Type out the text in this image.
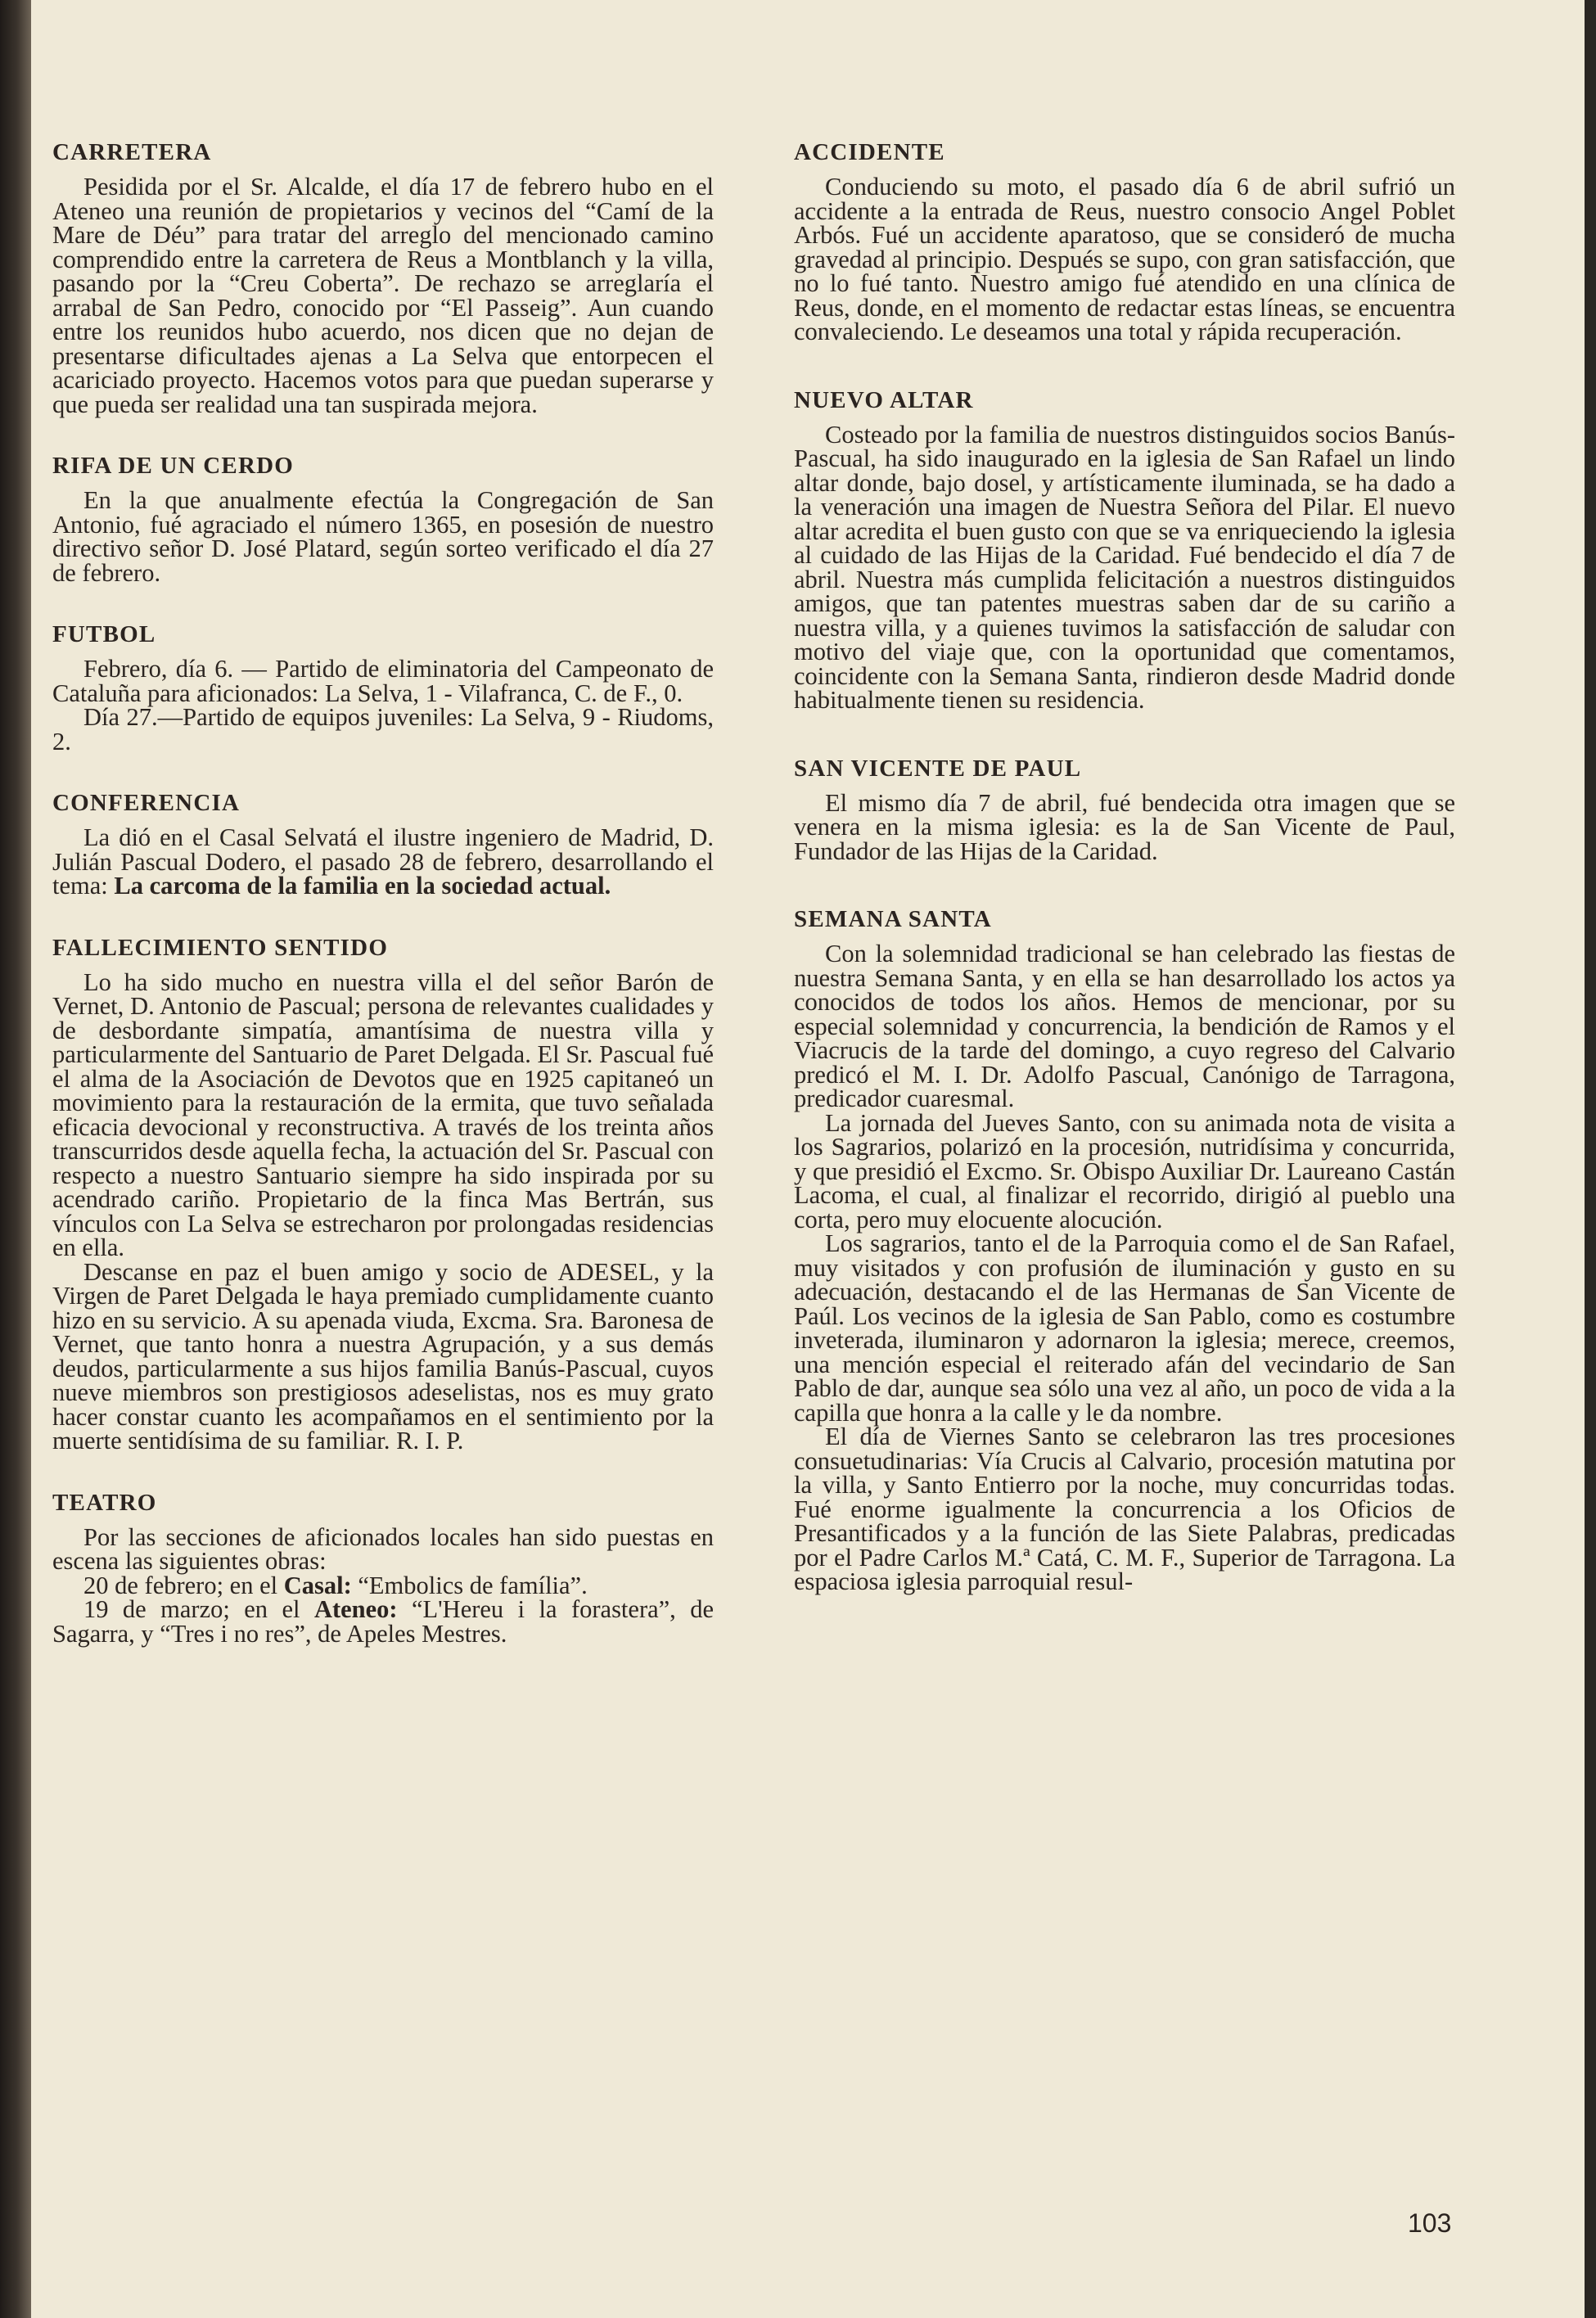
CARRETERA

Pesidida por el Sr. Alcalde, el día 17 de febrero hubo en el Ateneo una reunión de propietarios y vecinos del “Camí de la Mare de Déu” para tratar del arreglo del mencionado camino comprendido entre la carretera de Reus a Montblanch y la villa, pasando por la “Creu Coberta”. De rechazo se arreglaría el arrabal de San Pedro, conocido por “El Passeig”. Aun cuando entre los reunidos hubo acuerdo, nos dicen que no dejan de presentarse dificultades ajenas a La Selva que entorpecen el acariciado proyecto. Hacemos votos para que puedan superarse y que pueda ser realidad una tan suspirada mejora.

RIFA DE UN CERDO

En la que anualmente efectúa la Congregación de San Antonio, fué agraciado el número 1365, en posesión de nuestro directivo señor D. José Platard, según sorteo verificado el día 27 de febrero.

FUTBOL

Febrero, día 6. — Partido de eliminatoria del Campeonato de Cataluña para aficionados: La Selva, 1 - Vilafranca, C. de F., 0.

Día 27.—Partido de equipos juveniles: La Selva, 9 - Riudoms, 2.

CONFERENCIA

La dió en el Casal Selvatá el ilustre ingeniero de Madrid, D. Julián Pascual Dodero, el pasado 28 de febrero, desarrollando el tema: La carcoma de la familia en la sociedad actual.

FALLECIMIENTO SENTIDO

Lo ha sido mucho en nuestra villa el del señor Barón de Vernet, D. Antonio de Pascual; persona de relevantes cualidades y de desbordante simpatía, amantísima de nuestra villa y particularmente del Santuario de Paret Delgada. El Sr. Pascual fué el alma de la Asociación de Devotos que en 1925 capitaneó un movimiento para la restauración de la ermita, que tuvo señalada eficacia devocional y reconstructiva. A través de los treinta años transcurridos desde aquella fecha, la actuación del Sr. Pascual con respecto a nuestro Santuario siempre ha sido inspirada por su acendrado cariño. Propietario de la finca Mas Bertrán, sus vínculos con La Selva se estrecharon por prolongadas residencias en ella.

Descanse en paz el buen amigo y socio de ADESEL, y la Virgen de Paret Delgada le haya premiado cumplidamente cuanto hizo en su servicio. A su apenada viuda, Excma. Sra. Baronesa de Vernet, que tanto honra a nuestra Agrupación, y a sus demás deudos, particularmente a sus hijos familia Banús-Pascual, cuyos nueve miembros son prestigiosos adeselistas, nos es muy grato hacer constar cuanto les acompañamos en el sentimiento por la muerte sentidísima de su familiar. R. I. P.

TEATRO

Por las secciones de aficionados locales han sido puestas en escena las siguientes obras:

20 de febrero; en el Casal: “Embolics de família”.

19 de marzo; en el Ateneo: “L'Hereu i la forastera”, de Sagarra, y “Tres i no res”, de Apeles Mestres.

ACCIDENTE

Conduciendo su moto, el pasado día 6 de abril sufrió un accidente a la entrada de Reus, nuestro consocio Angel Poblet Arbós. Fué un accidente aparatoso, que se consideró de mucha gravedad al principio. Después se supo, con gran satisfacción, que no lo fué tanto. Nuestro amigo fué atendido en una clínica de Reus, donde, en el momento de redactar estas líneas, se encuentra convaleciendo. Le deseamos una total y rápida recuperación.

NUEVO ALTAR

Costeado por la familia de nuestros distinguidos socios Banús-Pascual, ha sido inaugurado en la iglesia de San Rafael un lindo altar donde, bajo dosel, y artísticamente iluminada, se ha dado a la veneración una imagen de Nuestra Señora del Pilar. El nuevo altar acredita el buen gusto con que se va enriqueciendo la iglesia al cuidado de las Hijas de la Caridad. Fué bendecido el día 7 de abril. Nuestra más cumplida felicitación a nuestros distinguidos amigos, que tan patentes muestras saben dar de su cariño a nuestra villa, y a quienes tuvimos la satisfacción de saludar con motivo del viaje que, con la oportunidad que comentamos, coincidente con la Semana Santa, rindieron desde Madrid donde habitualmente tienen su residencia.

SAN VICENTE DE PAUL

El mismo día 7 de abril, fué bendecida otra imagen que se venera en la misma iglesia: es la de San Vicente de Paul, Fundador de las Hijas de la Caridad.

SEMANA SANTA

Con la solemnidad tradicional se han celebrado las fiestas de nuestra Semana Santa, y en ella se han desarrollado los actos ya conocidos de todos los años. Hemos de mencionar, por su especial solemnidad y concurrencia, la bendición de Ramos y el Viacrucis de la tarde del domingo, a cuyo regreso del Calvario predicó el M. I. Dr. Adolfo Pascual, Canónigo de Tarragona, predicador cuaresmal.

La jornada del Jueves Santo, con su animada nota de visita a los Sagrarios, polarizó en la procesión, nutridísima y concurrida, y que presidió el Excmo. Sr. Obispo Auxiliar Dr. Laureano Castán Lacoma, el cual, al finalizar el recorrido, dirigió al pueblo una corta, pero muy elocuente alocución.

Los sagrarios, tanto el de la Parroquia como el de San Rafael, muy visitados y con profusión de iluminación y gusto en su adecuación, destacando el de las Hermanas de San Vicente de Paúl. Los vecinos de la iglesia de San Pablo, como es costumbre inveterada, iluminaron y adornaron la iglesia; merece, creemos, una mención especial el reiterado afán del vecindario de San Pablo de dar, aunque sea sólo una vez al año, un poco de vida a la capilla que honra a la calle y le da nombre.

El día de Viernes Santo se celebraron las tres procesiones consuetudinarias: Vía Crucis al Calvario, procesión matutina por la villa, y Santo Entierro por la noche, muy concurridas todas. Fué enorme igualmente la concurrencia a los Oficios de Presantificados y a la función de las Siete Palabras, predicadas por el Padre Carlos M.ª Catá, C. M. F., Superior de Tarragona. La espaciosa iglesia parroquial resul-

103
